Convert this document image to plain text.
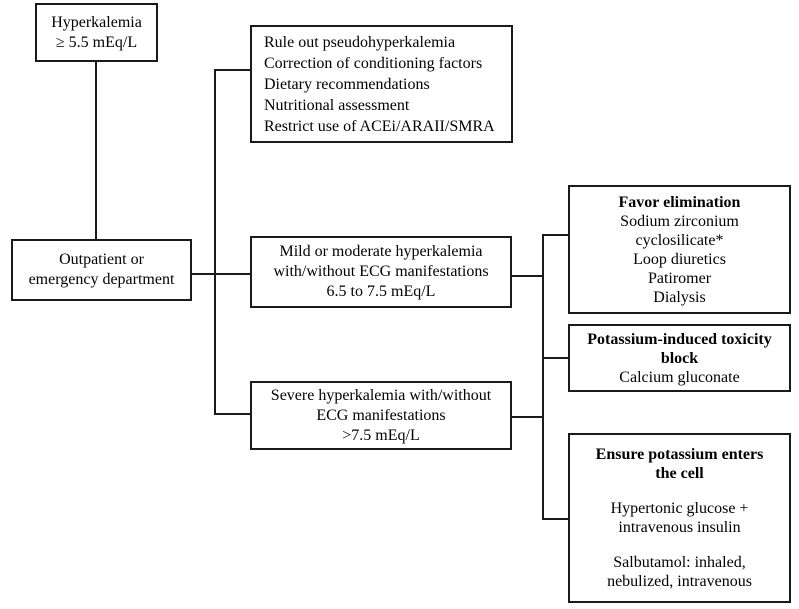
Hyperkalemia
≥ 5.5 mEq/L	Rule out pseudohyperkalemia
Correction of conditioning factors
Dietary recommendations
Nutritional assessment
Restrict use of ACEi/ARAII/SMRA
Outpatient or
emergency department
Mild or moderate hyperkalemia
with/without ECG manifestations
6.5 to 7.5 mEq/L
Severe hyperkalemia with/without
ECG manifestations
>7.5 mEq/L
Favor elimination
Sodium zirconium
cyclosilicate*
Loop diuretics
Patiromer
Dialysis
Potassium-induced toxicity
block
Calcium gluconate
Ensure potassium enters
the cell
Hypertonic glucose +
intravenous insulin
Salbutamol: inhaled,
nebulized, intravenous
